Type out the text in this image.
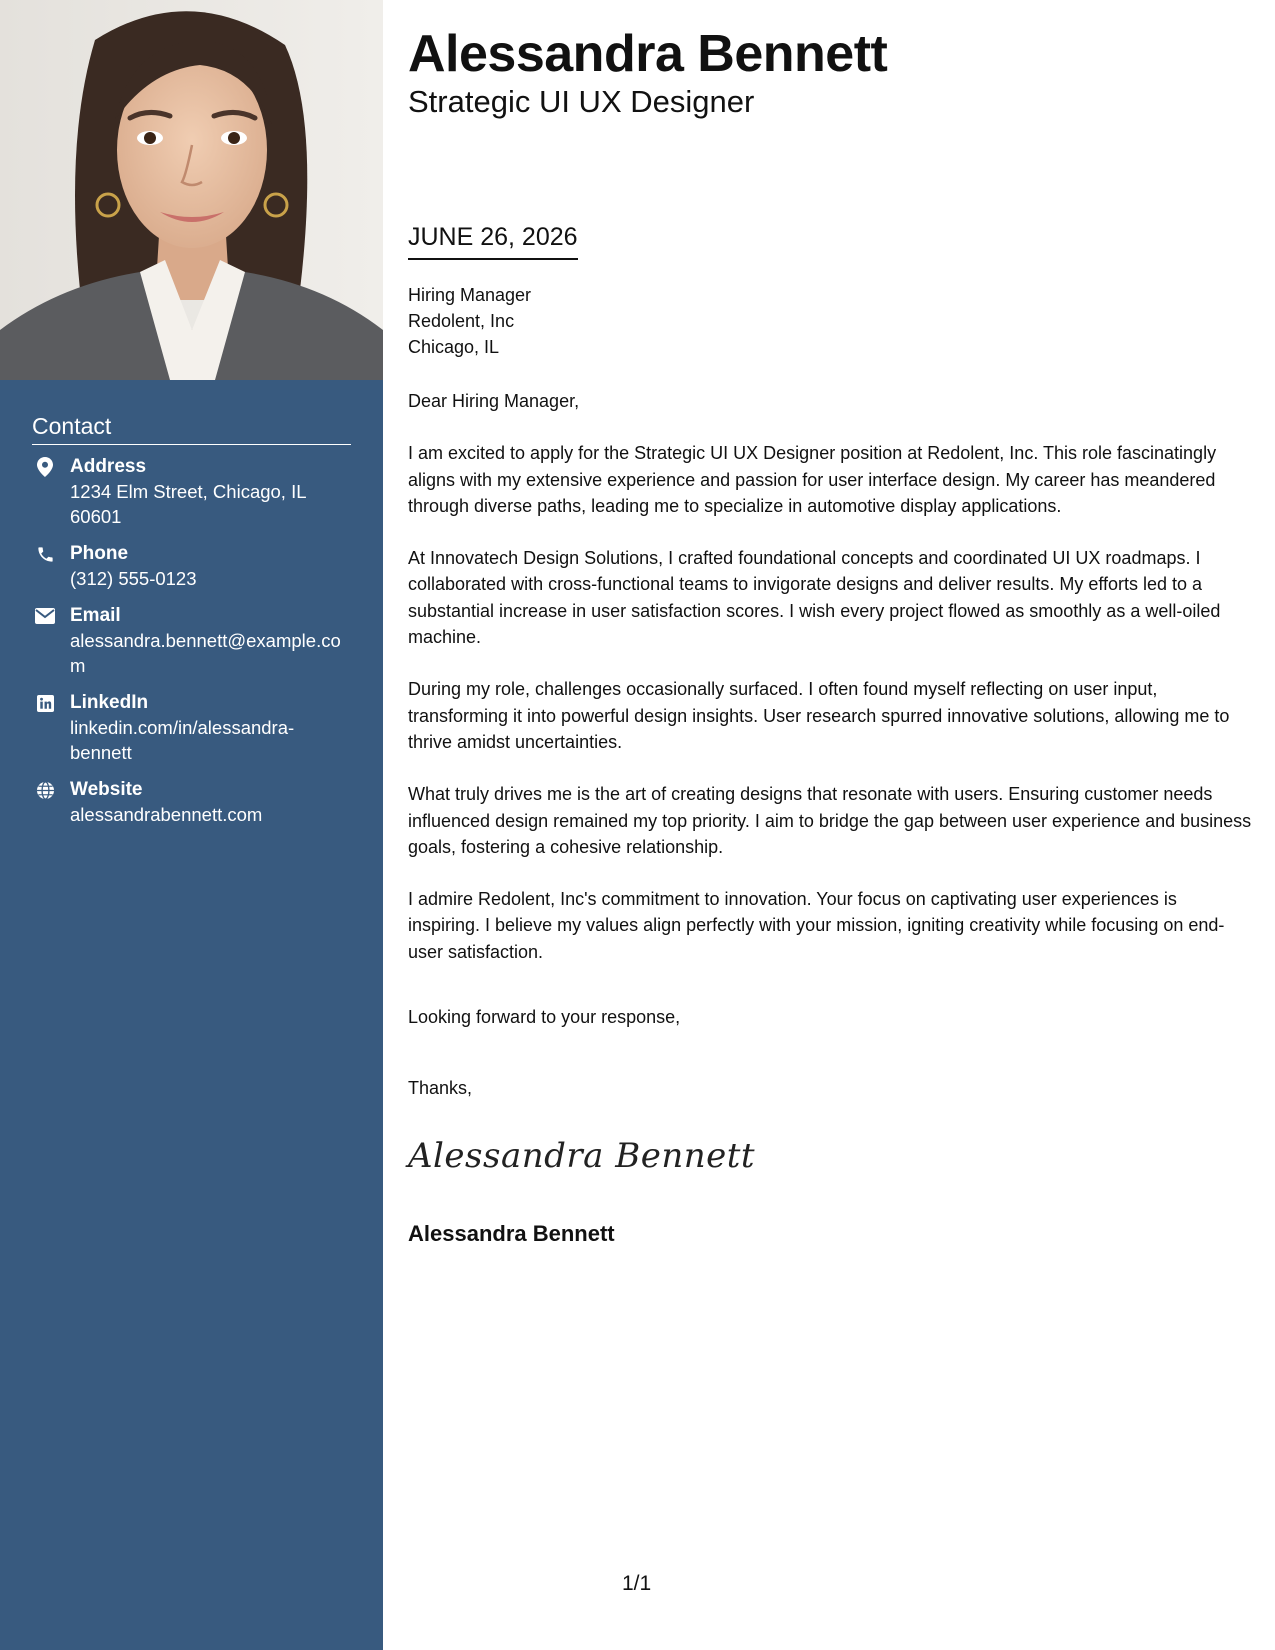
Contact
Address
1234 Elm Street, Chicago, IL 60601
Phone
(312) 555-0123
Email
alessandra.bennett@example.com
LinkedIn
linkedin.com/in/alessandra-bennett
Website
alessandrabennett.com
Alessandra Bennett
Strategic UI UX Designer
JUNE 26, 2026
Hiring Manager
Redolent, Inc
Chicago, IL

Dear Hiring Manager,

I am excited to apply for the Strategic UI UX Designer position at Redolent, Inc. This role fascinatingly aligns with my extensive experience and passion for user interface design. My career has meandered through diverse paths, leading me to specialize in automotive display applications.

At Innovatech Design Solutions, I crafted foundational concepts and coordinated UI UX roadmaps. I collaborated with cross-functional teams to invigorate designs and deliver results. My efforts led to a substantial increase in user satisfaction scores. I wish every project flowed as smoothly as a well-oiled machine.

During my role, challenges occasionally surfaced. I often found myself reflecting on user input, transforming it into powerful design insights. User research spurred innovative solutions, allowing me to thrive amidst uncertainties.

What truly drives me is the art of creating designs that resonate with users. Ensuring customer needs influenced design remained my top priority. I aim to bridge the gap between user experience and business goals, fostering a cohesive relationship.

I admire Redolent, Inc's commitment to innovation. Your focus on captivating user experiences is inspiring. I believe my values align perfectly with your mission, igniting creativity while focusing on end-user satisfaction.

Looking forward to your response,
Thanks,
Alessandra Bennett
Alessandra Bennett
1/1
